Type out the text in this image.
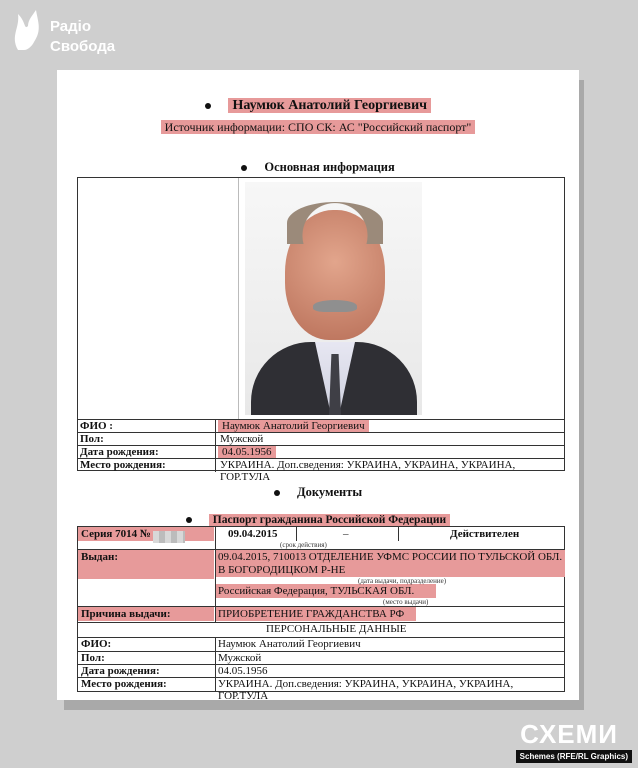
Радіо
Свобода
Наумюк Анатолий Георгиевич
Источник информации: СПО СК: АС "Российский паспорт"
Основная информация
ФИО :	Наумюк Анатолий Георгиевич
Пол:	Мужской
Дата рождения:	04.05.1956
Место рождения:	УКРАИНА. Доп.сведения: УКРАИНА, УКРАИНА, УКРАИНА, ГОР.ТУЛА
Документы
Паспорт гражданина Российской Федерации
Серия 7014 №	09.04.2015	–	Действителен
(срок действия)
Выдан:	09.04.2015, 710013 ОТДЕЛЕНИЕ УФМС РОССИИ ПО ТУЛЬСКОЙ ОБЛ. В БОГОРОДИЦКОМ Р-НЕ
(дата выдачи, подразделение)
Российская Федерация, ТУЛЬСКАЯ ОБЛ.
(место выдачи)
Причина выдачи:	ПРИОБРЕТЕНИЕ ГРАЖДАНСТВА РФ
ПЕРСОНАЛЬНЫЕ ДАННЫЕ
ФИО:	Наумюк Анатолий Георгиевич
Пол:	Мужской
Дата рождения:	04.05.1956
Место рождения:	УКРАИНА. Доп.сведения: УКРАИНА, УКРАИНА, УКРАИНА, ГОР.ТУЛА
СХЕМИ
Schemes (RFE/RL Graphics)
